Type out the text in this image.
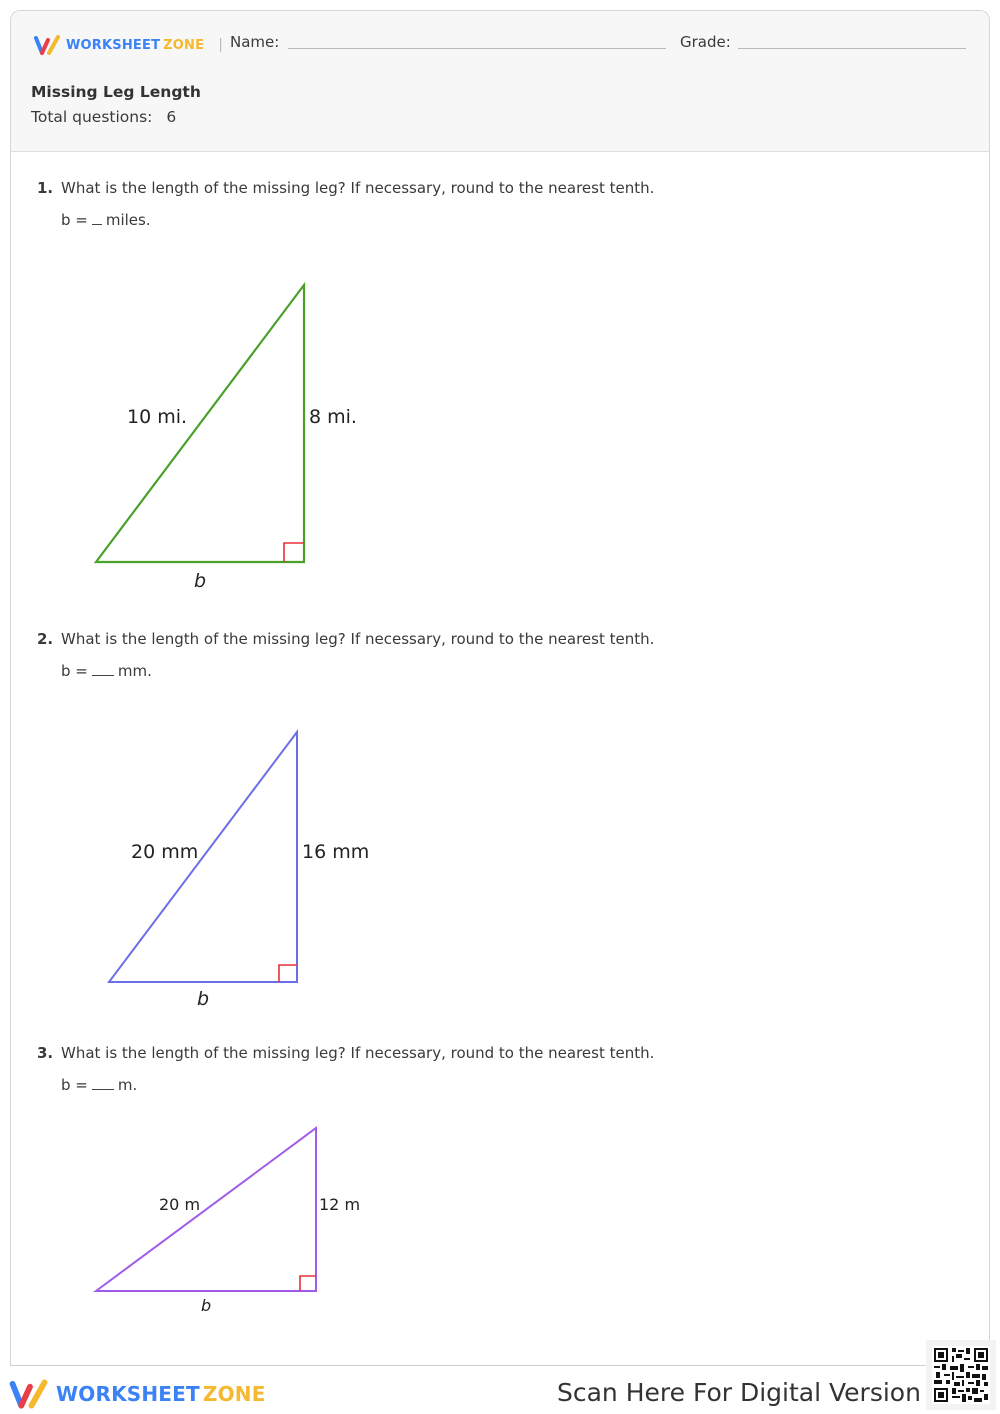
WORKSHEET ZONE | Name:	Grade:
Missing Leg Length
Total questions: 6
1. What is the length of the missing leg? If necessary, round to the nearest tenth.
b = miles.
10 mi.	8 mi.
b
2. What is the length of the missing leg? If necessary, round to the nearest tenth.
b = mm.
20 mm	16 mm
b
3. What is the length of the missing leg? If necessary, round to the nearest tenth.
b = m.
20 m	12 m
b
WORKSHEET ZONE	Scan Here For Digital Version
